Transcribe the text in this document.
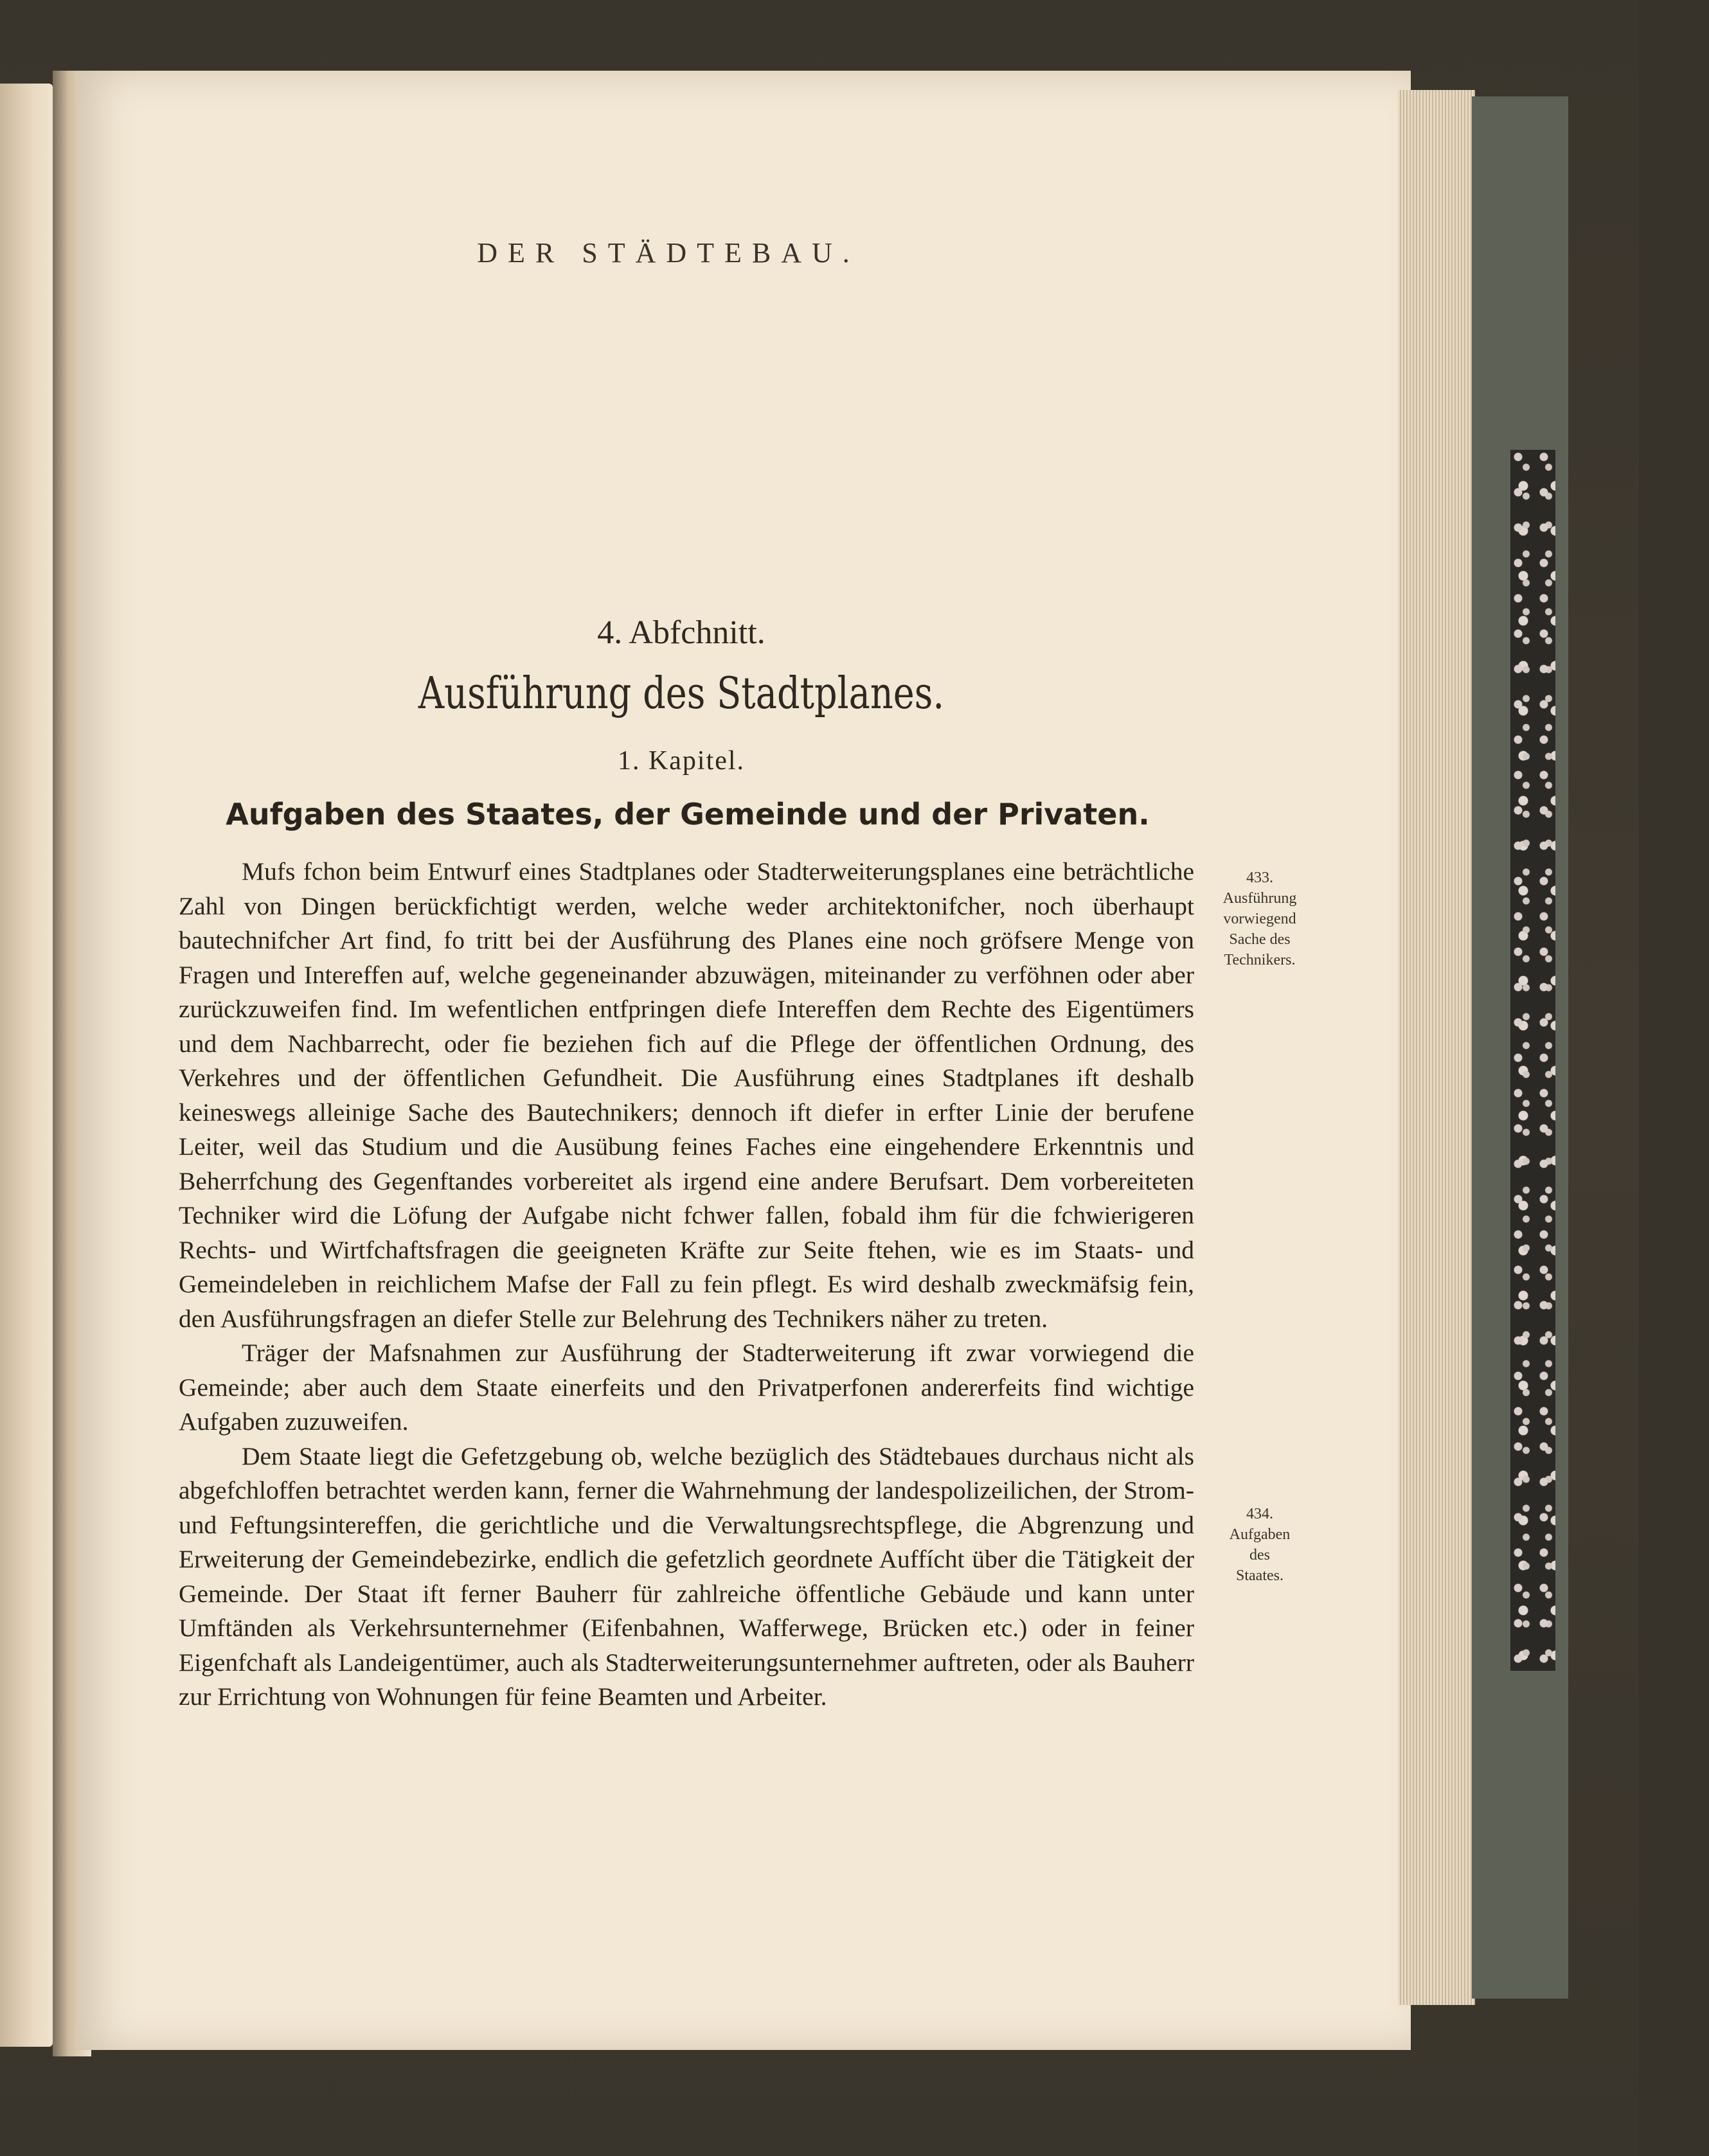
DER STÄDTEBAU.
4. Abfchnitt.
Ausführung des Stadtplanes.
1. Kapitel.
Aufgaben des Staates, der Gemeinde und der Privaten.

Mufs fchon beim Entwurf eines Stadtplanes oder Stadterweiterungsplanes eine beträchtliche Zahl von Dingen berückfichtigt werden, welche weder architektonifcher, noch überhaupt bautechnifcher Art find, fo tritt bei der Ausführung des Planes eine noch gröfsere Menge von Fragen und Intereffen auf, welche gegeneinander abzuwägen, miteinander zu verföhnen oder aber zurückzuweifen find. Im wefentlichen entfpringen diefe Intereffen dem Rechte des Eigentümers und dem Nachbarrecht, oder fie beziehen fich auf die Pflege der öffentlichen Ordnung, des Verkehres und der öffentlichen Gefundheit. Die Ausführung eines Stadtplanes ift deshalb keineswegs alleinige Sache des Bautechnikers; dennoch ift diefer in erfter Linie der berufene Leiter, weil das Studium und die Ausübung feines Faches eine eingehendere Erkenntnis und Beherrfchung des Gegenftandes vorbereitet als irgend eine andere Berufsart. Dem vorbereiteten Techniker wird die Löfung der Aufgabe nicht fchwer fallen, fobald ihm für die fchwierigeren Rechts- und Wirtfchaftsfragen die geeigneten Kräfte zur Seite ftehen, wie es im Staats- und Gemeindeleben in reichlichem Mafse der Fall zu fein pflegt. Es wird deshalb zweckmäfsig fein, den Ausführungsfragen an diefer Stelle zur Belehrung des Technikers näher zu treten.

Träger der Mafsnahmen zur Ausführung der Stadterweiterung ift zwar vorwiegend die Gemeinde; aber auch dem Staate einerfeits und den Privatperfonen andererfeits find wichtige Aufgaben zuzuweifen.

Dem Staate liegt die Gefetzgebung ob, welche bezüglich des Städtebaues durchaus nicht als abgefchloffen betrachtet werden kann, ferner die Wahrnehmung der landespolizeilichen, der Strom- und Feftungsintereffen, die gerichtliche und die Verwaltungsrechtspflege, die Abgrenzung und Erweiterung der Gemeindebezirke, endlich die gefetzlich geordnete Auffícht über die Tätigkeit der Gemeinde. Der Staat ift ferner Bauherr für zahlreiche öffentliche Gebäude und kann unter Umftänden als Verkehrsunternehmer (Eifenbahnen, Wafferwege, Brücken etc.) oder in feiner Eigenfchaft als Landeigentümer, auch als Stadterweiterungsunternehmer auftreten, oder als Bauherr zur Errichtung von Wohnungen für feine Beamten und Arbeiter.

433.
Ausführung
vorwiegend
Sache des
Technikers.
434.
Aufgaben
des
Staates.
